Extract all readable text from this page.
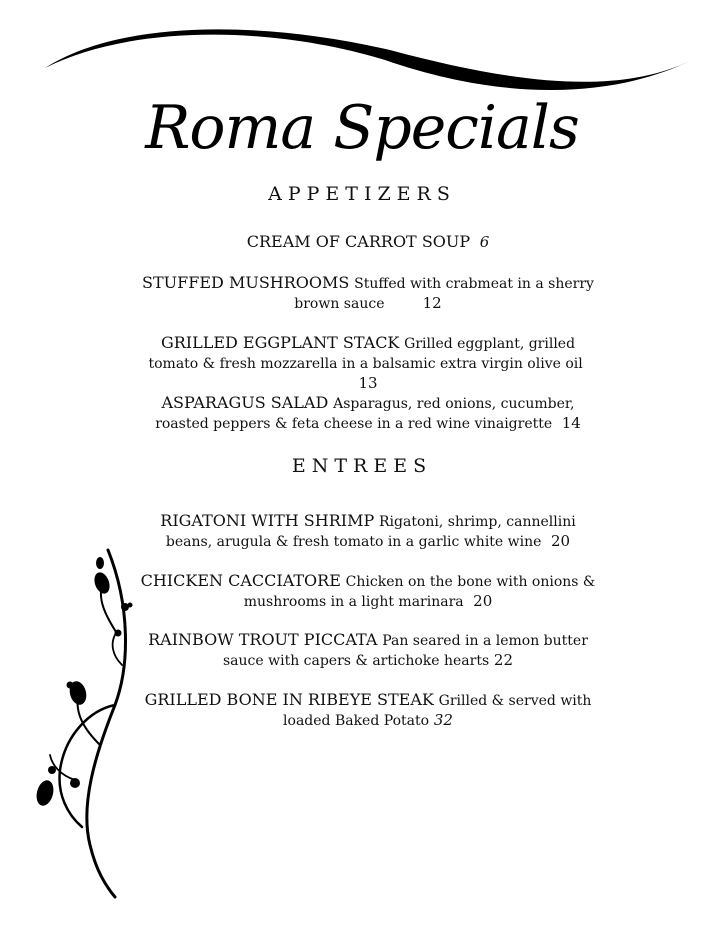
Roma Specials
APPETIZERS
CREAM OF CARROT SOUP 6
STUFFED MUSHROOMS Stuffed with crabmeat in a sherry brown sauce	12
GRILLED EGGPLANT STACK Grilled eggplant, grilled tomato & fresh mozzarella in a balsamic extra virgin olive oil  13
ASPARAGUS SALAD Asparagus, red onions, cucumber, roasted peppers & feta cheese in a red wine vinaigrette 14
ENTREES
RIGATONI WITH SHRIMP Rigatoni, shrimp, cannellini beans, arugula & fresh tomato in a garlic white wine 20
CHICKEN CACCIATORE Chicken on the bone with onions & mushrooms in a light marinara 20
RAINBOW TROUT PICCATA Pan seared in a lemon butter sauce with capers & artichoke hearts 22
GRILLED BONE IN RIBEYE STEAK Grilled & served with loaded Baked Potato 32
